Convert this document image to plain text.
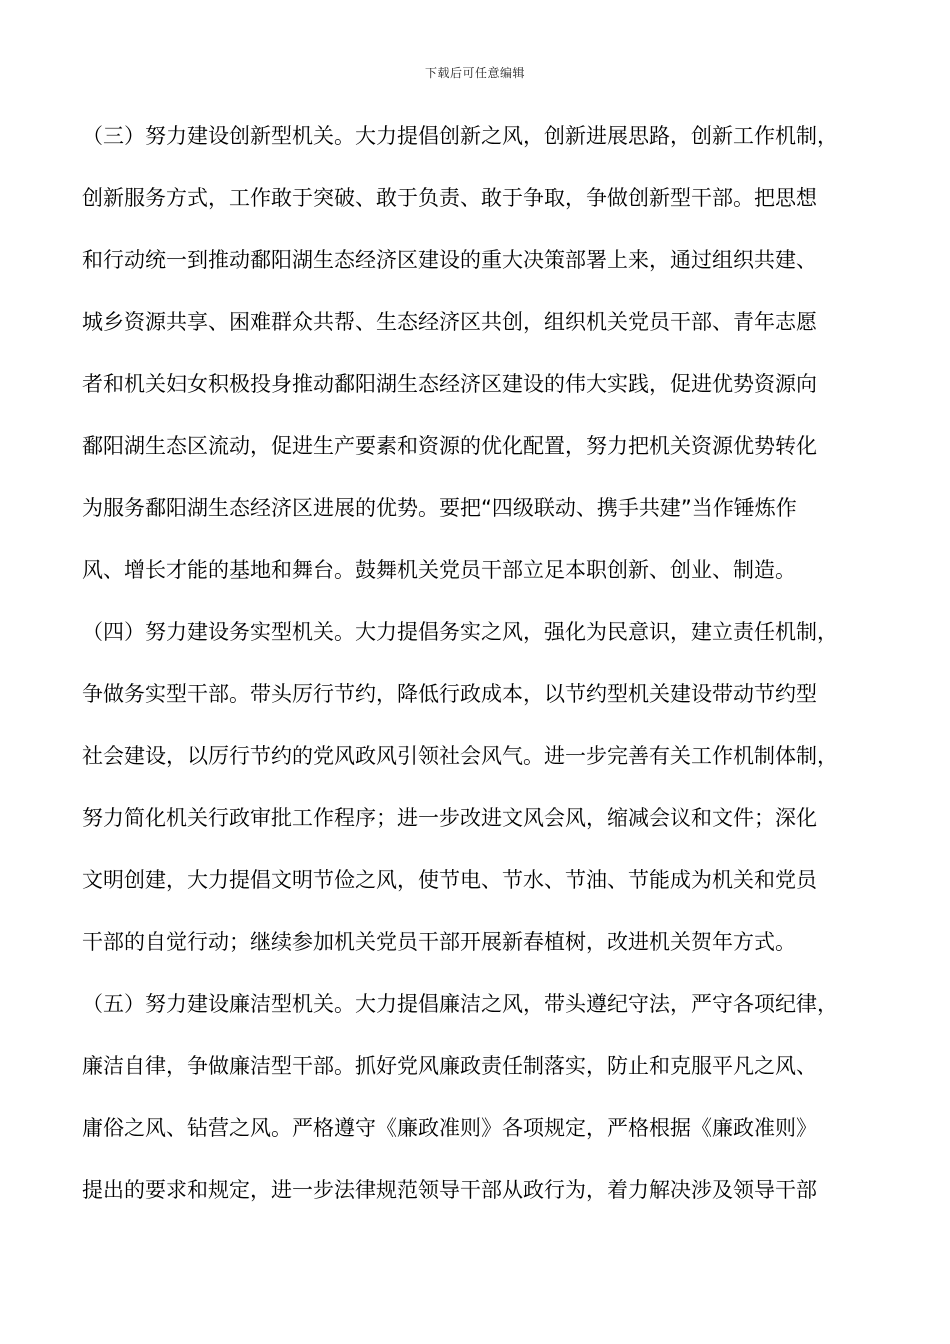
下载后可任意编辑
（三）努力建设创新型机关。大力提倡创新之风，创新进展思路，创新工作机制，
创新服务方式，工作敢于突破、敢于负责、敢于争取，争做创新型干部。把思想
和行动统一到推动鄱阳湖生态经济区建设的重大决策部署上来，通过组织共建、
城乡资源共享、困难群众共帮、生态经济区共创，组织机关党员干部、青年志愿
者和机关妇女积极投身推动鄱阳湖生态经济区建设的伟大实践，促进优势资源向
鄱阳湖生态区流动，促进生产要素和资源的优化配置，努力把机关资源优势转化
为服务鄱阳湖生态经济区进展的优势。要把“四级联动、携手共建”当作锤炼作
风、增长才能的基地和舞台。鼓舞机关党员干部立足本职创新、创业、制造。
（四）努力建设务实型机关。大力提倡务实之风，强化为民意识，建立责任机制，
争做务实型干部。带头厉行节约，降低行政成本，以节约型机关建设带动节约型
社会建设，以厉行节约的党风政风引领社会风气。进一步完善有关工作机制体制，
努力简化机关行政审批工作程序；进一步改进文风会风，缩减会议和文件；深化
文明创建，大力提倡文明节俭之风，使节电、节水、节油、节能成为机关和党员
干部的自觉行动；继续参加机关党员干部开展新春植树，改进机关贺年方式。
（五）努力建设廉洁型机关。大力提倡廉洁之风，带头遵纪守法，严守各项纪律，
廉洁自律，争做廉洁型干部。抓好党风廉政责任制落实，防止和克服平凡之风、
庸俗之风、钻营之风。严格遵守《廉政准则》各项规定，严格根据《廉政准则》
提出的要求和规定，进一步法律规范领导干部从政行为，着力解决涉及领导干部
